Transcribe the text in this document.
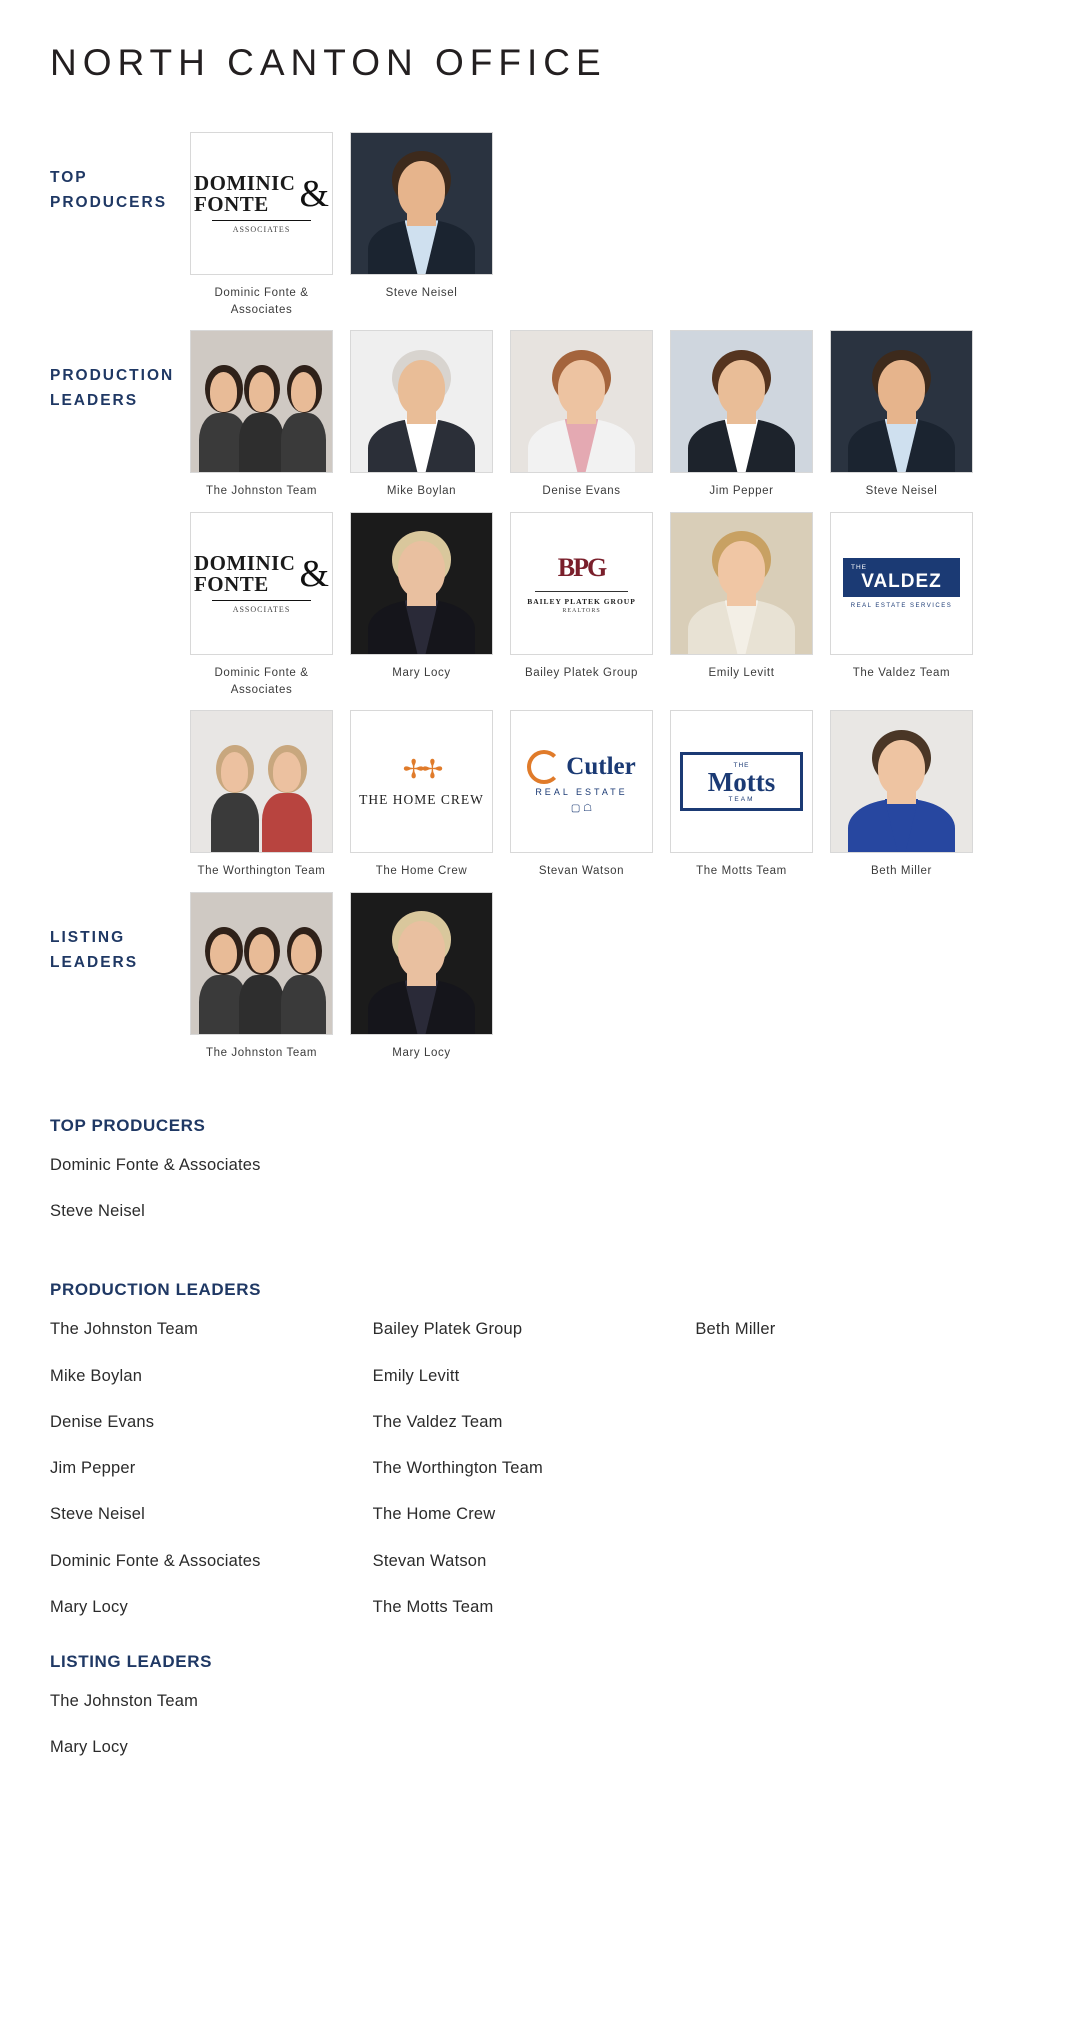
NORTH CANTON OFFICE
TOP
PRODUCERS
DOMINIC
FONTE &
ASSOCIATES
Dominic Fonte & Associates
Steve Neisel
PRODUCTION
LEADERS
The Johnston Team	Mike Boylan	Denise Evans	Jim Pepper	Steve Neisel
DOMINIC
FONTE &
ASSOCIATES
Dominic Fonte & Associates
Mary Locy
BPG
BAILEY PLATEK GROUP
REALTORS
Bailey Platek Group	Emily Levitt
THE
VALDEZ
REAL ESTATE SERVICES
The Valdez Team
The Worthington Team
✢✢
THE HOME CREW
The Home Crew
Cutler
REAL ESTATE
▢ ☖
Stevan Watson
THE
Motts
TEAM
The Motts Team	Beth Miller
LISTING
LEADERS
The Johnston Team	Mary Locy
TOP PRODUCERS
Dominic Fonte & Associates
Steve Neisel
PRODUCTION LEADERS
The Johnston Team
Mike Boylan
Denise Evans
Jim Pepper
Steve Neisel
Dominic Fonte & Associates
Mary Locy
Bailey Platek Group
Emily Levitt
The Valdez Team
The Worthington Team
The Home Crew
Stevan Watson
The Motts Team
Beth Miller
LISTING LEADERS
The Johnston Team
Mary Locy
